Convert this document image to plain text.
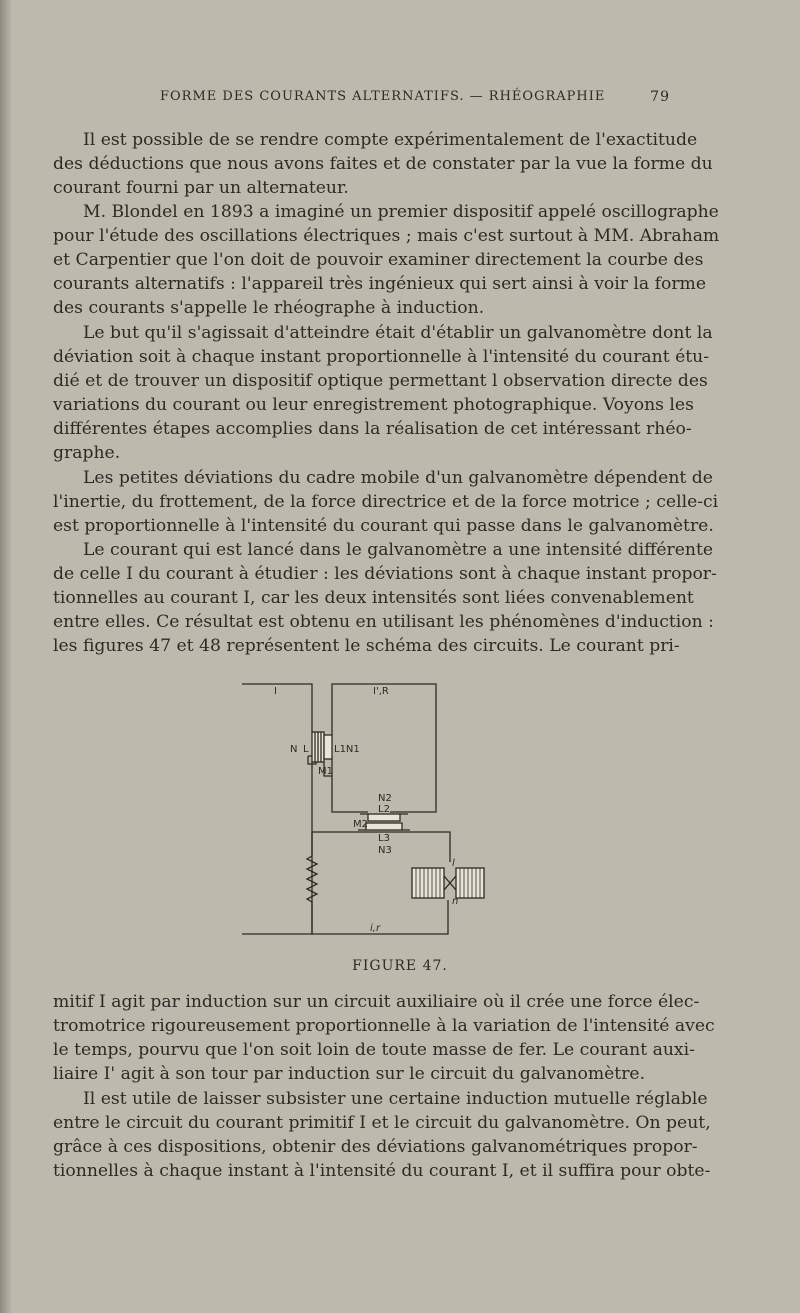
FORME DES COURANTS ALTERNATIFS. — RHÉOGRAPHIE	79

Il est possible de se rendre compte expérimentalement de l'exactitude
des déductions que nous avons faites et de constater par la vue la forme du
courant fourni par un alternateur.

M. Blondel en 1893 a imaginé un premier dispositif appelé oscillographe
pour l'étude des oscillations électriques ; mais c'est surtout à MM. Abraham
et Carpentier que l'on doit de pouvoir examiner directement la courbe des
courants alternatifs : l'appareil très ingénieux qui sert ainsi à voir la forme
des courants s'appelle le rhéographe à induction.

Le but qu'il s'agissait d'atteindre était d'établir un galvanomètre dont la
déviation soit à chaque instant proportionnelle à l'intensité du courant étu-
dié et de trouver un dispositif optique permettant l observation directe des
variations du courant ou leur enregistrement photographique. Voyons les
différentes étapes accomplies dans la réalisation de cet intéressant rhéo-
graphe.

Les petites déviations du cadre mobile d'un galvanomètre dépendent de
l'inertie, du frottement, de la force directrice et de la force motrice ; celle-ci
est proportionnelle à l'intensité du courant qui passe dans le galvanomètre.

Le courant qui est lancé dans le galvanomètre a une intensité différente
de celle I du courant à étudier : les déviations sont à chaque instant propor-
tionnelles au courant I, car les deux intensités sont liées convenablement
entre elles. Ce résultat est obtenu en utilisant les phénomènes d'induction :
les figures 47 et 48 représentent le schéma des circuits. Le courant pri-

I	I',R
N L	L1N1
M1
N2
L2
M2
L3
N3
l
n
i,r
FIGURE 47.

mitif I agit par induction sur un circuit auxiliaire où il crée une force élec-
tromotrice rigoureusement proportionnelle à la variation de l'intensité avec
le temps, pourvu que l'on soit loin de toute masse de fer. Le courant auxi-
liaire I' agit à son tour par induction sur le circuit du galvanomètre.

Il est utile de laisser subsister une certaine induction mutuelle réglable
entre le circuit du courant primitif I et le circuit du galvanomètre. On peut,
grâce à ces dispositions, obtenir des déviations galvanométriques propor-
tionnelles à chaque instant à l'intensité du courant I, et il suffira pour obte-
